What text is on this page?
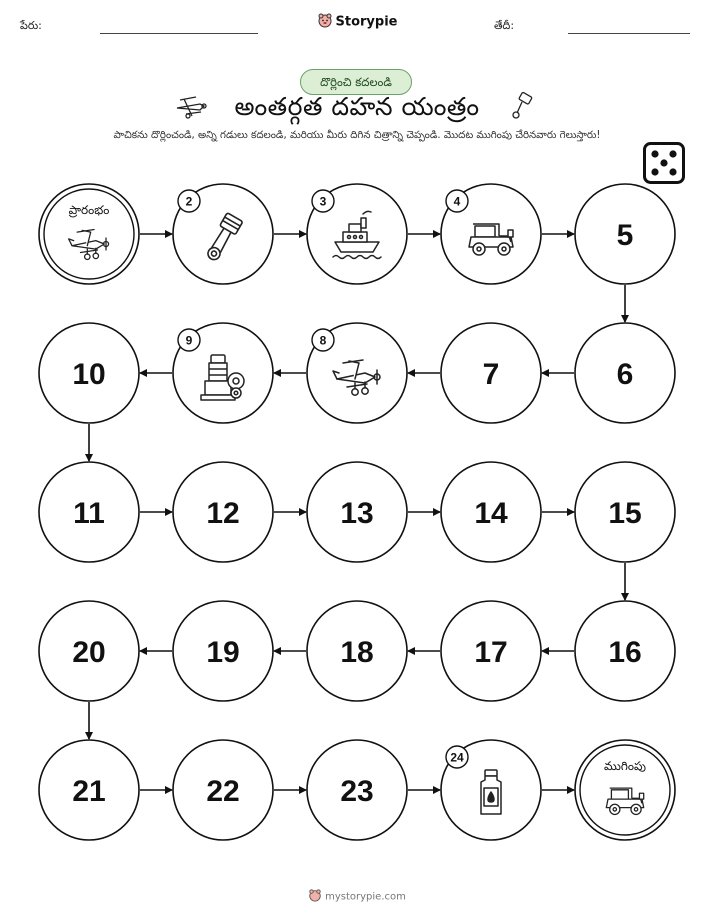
పేరు:	Storypie	తేదీ:
దొర్లించి కదలండి
అంతర్గత దహన యంత్రం
పాచికను దొర్లించండి, అన్ని గడులు కదలండి, మరియు మీరు దిగిన చిత్రాన్ని చెప్పండి. మొదట ముగింపు చేరినవారు గెలుస్తారు!
ప్రారంభం
2	3	4
5
6
7
8
9
10
11	12	13	14	15
16
17
18
19
20
21	22	23
24
ముగింపు
mystorypie.com
